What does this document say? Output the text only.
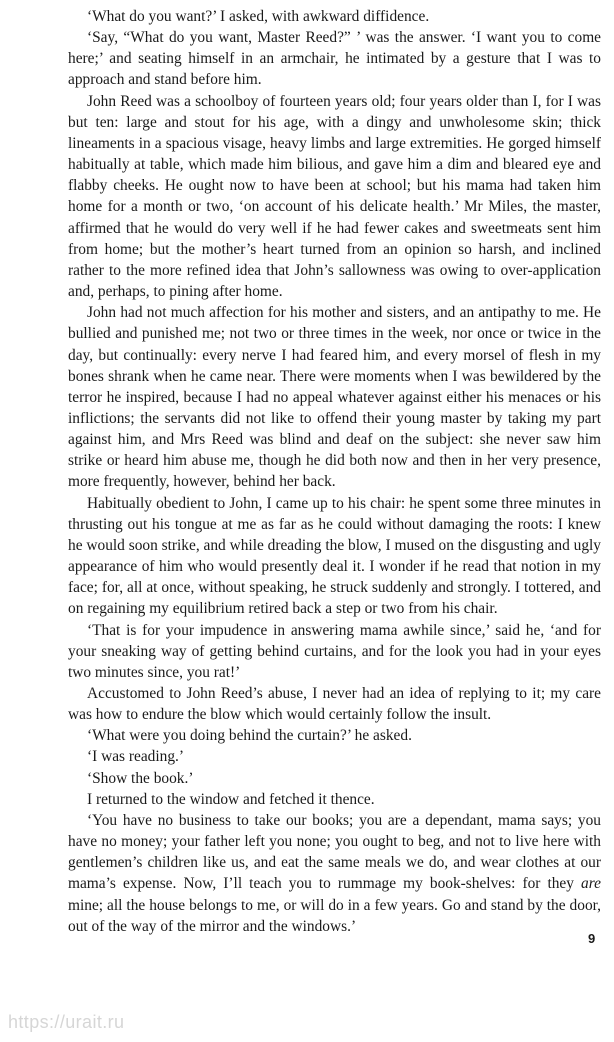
‘What do you want?’ I asked, with awkward diffidence.

‘Say, “What do you want, Master Reed?” ’ was the answer. ‘I want you to come here;’ and seating himself in an armchair, he intimated by a gesture that I was to approach and stand before him.

John Reed was a schoolboy of fourteen years old; four years older than I, for I was but ten: large and stout for his age, with a dingy and unwholesome skin; thick lineaments in a spacious visage, heavy limbs and large extremities. He gorged himself habitually at table, which made him bilious, and gave him a dim and bleared eye and flabby cheeks. He ought now to have been at school; but his mama had taken him home for a month or two, ‘on account of his delicate health.’ Mr Miles, the master, affirmed that he would do very well if he had fewer cakes and sweetmeats sent him from home; but the mother’s heart turned from an opinion so harsh, and inclined rather to the more refined idea that John’s sallowness was owing to over-application and, perhaps, to pining after home.

John had not much affection for his mother and sisters, and an antipathy to me. He bullied and punished me; not two or three times in the week, nor once or twice in the day, but continually: every nerve I had feared him, and every morsel of flesh in my bones shrank when he came near. There were moments when I was bewildered by the terror he inspired, because I had no appeal whatever against either his menaces or his inflictions; the servants did not like to offend their young master by taking my part against him, and Mrs Reed was blind and deaf on the subject: she never saw him strike or heard him abuse me, though he did both now and then in her very presence, more frequently, however, behind her back.

Habitually obedient to John, I came up to his chair: he spent some three minutes in thrusting out his tongue at me as far as he could without damaging the roots: I knew he would soon strike, and while dreading the blow, I mused on the disgusting and ugly appearance of him who would presently deal it. I wonder if he read that notion in my face; for, all at once, without speaking, he struck suddenly and strongly. I tottered, and on regaining my equilibrium retired back a step or two from his chair.

‘That is for your impudence in answering mama awhile since,’ said he, ‘and for your sneaking way of getting behind curtains, and for the look you had in your eyes two minutes since, you rat!’

Accustomed to John Reed’s abuse, I never had an idea of replying to it; my care was how to endure the blow which would certainly follow the insult.

‘What were you doing behind the curtain?’ he asked.

‘I was reading.’

‘Show the book.’

I returned to the window and fetched it thence.

‘You have no business to take our books; you are a dependant, mama says; you have no money; your father left you none; you ought to beg, and not to live here with gentlemen’s children like us, and eat the same meals we do, and wear clothes at our mama’s expense. Now, I’ll teach you to rummage my book-shelves: for they are mine; all the house belongs to me, or will do in a few years. Go and stand by the door, out of the way of the mirror and the windows.’

9
https://urait.ru
